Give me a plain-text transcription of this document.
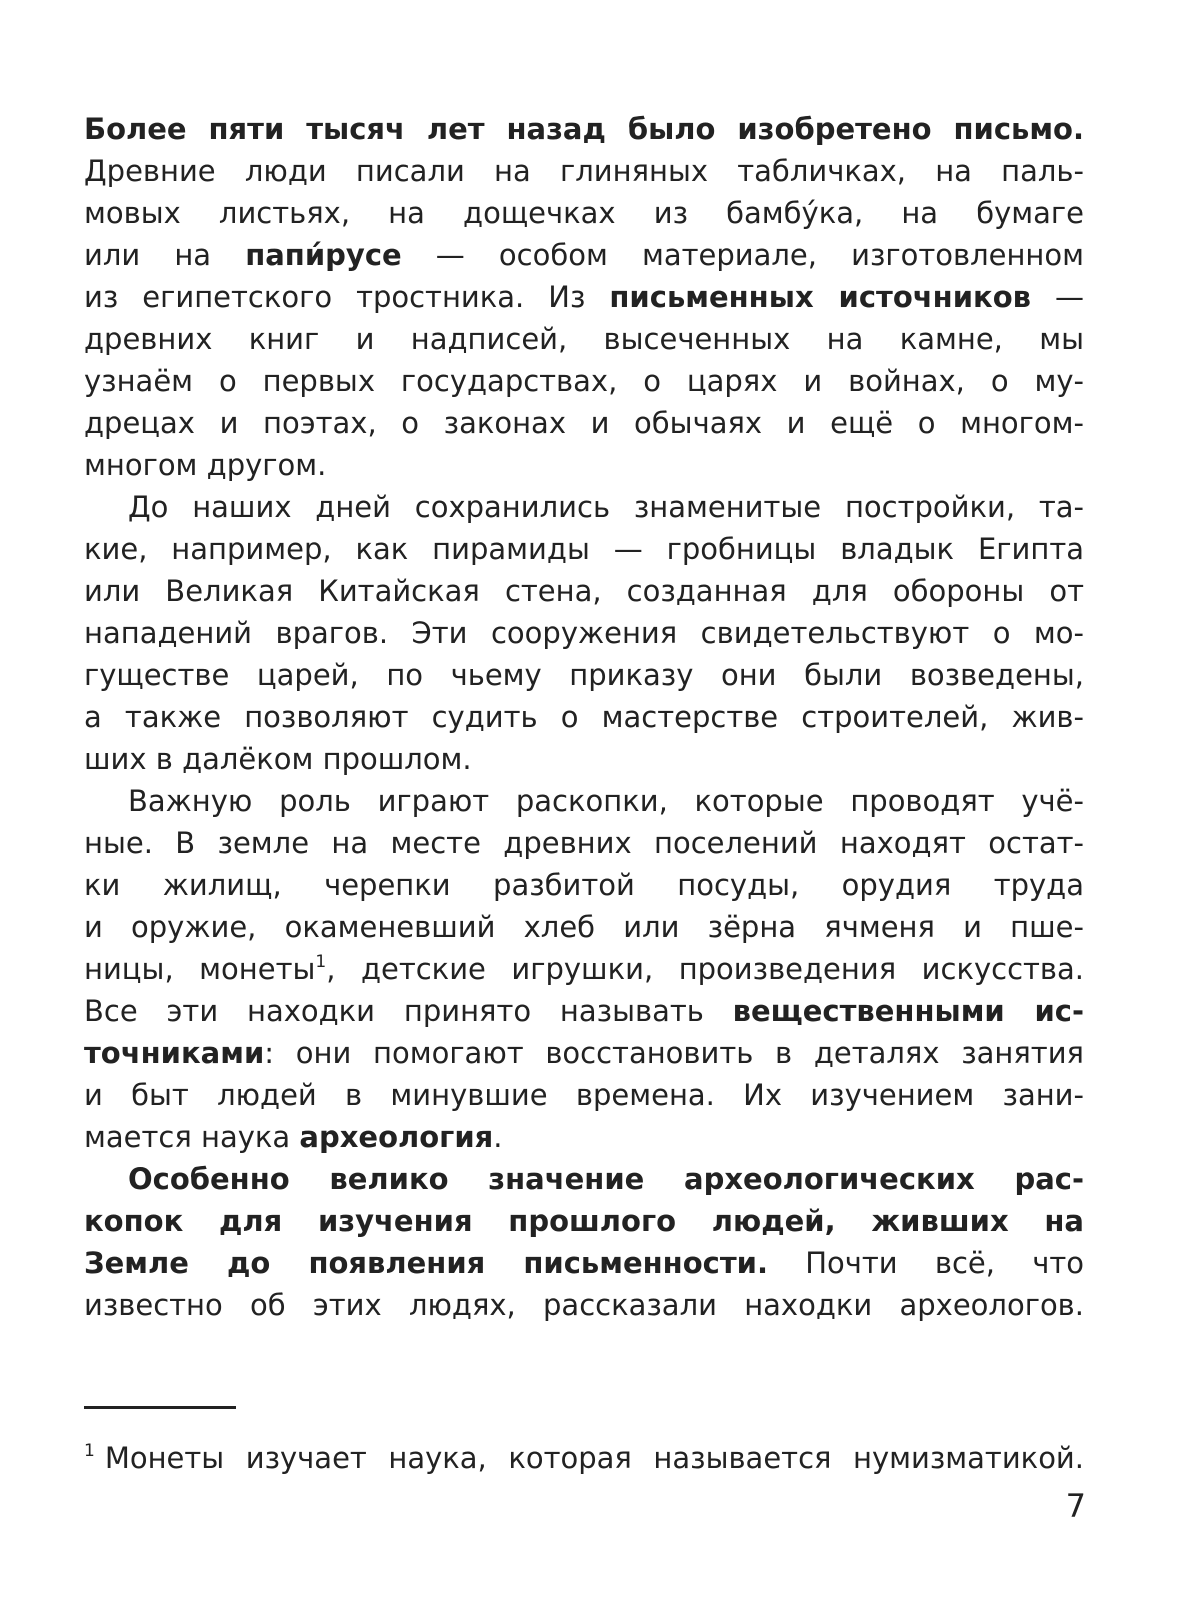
Более пяти тысяч лет назад было изобретено письмо.
Древние люди писали на глиняных табличках, на паль-
мовых листьях, на дощечках из бамбу́ка, на бумаге
или на папи́русе — особом материале, изготовленном
из египетского тростника. Из письменных источников —
древних книг и надписей, высеченных на камне, мы
узнаём о первых государствах, о царях и войнах, о му-
дрецах и поэтах, о законах и обычаях и ещё о многом-
многом другом.
До наших дней сохранились знаменитые постройки, та-
кие, например, как пирамиды — гробницы владык Египта
или Великая Китайская стена, созданная для обороны от
нападений врагов. Эти сооружения свидетельствуют о мо-
гуществе царей, по чьему приказу они были возведены,
а также позволяют судить о мастерстве строителей, жив-
ших в далёком прошлом.
Важную роль играют раскопки, которые проводят учё-
ные. В земле на месте древних поселений находят остат-
ки жилищ, черепки разбитой посуды, орудия труда
и оружие, окаменевший хлеб или зёрна ячменя и пше-
ницы, монеты$^1$, детские игрушки, произведения искусства.
Все эти находки принято называть вещественными ис-
точниками: они помогают восстановить в деталях занятия
и быт людей в минувшие времена. Их изучением зани-
мается наука археология.
Особенно велико значение археологических рас-
копок для изучения прошлого людей, живших на
Земле до появления письменности. Почти всё, что
известно об этих людях, рассказали находки археологов.
$^1$ Монеты изучает наука, которая называется нумизматикой.
7
